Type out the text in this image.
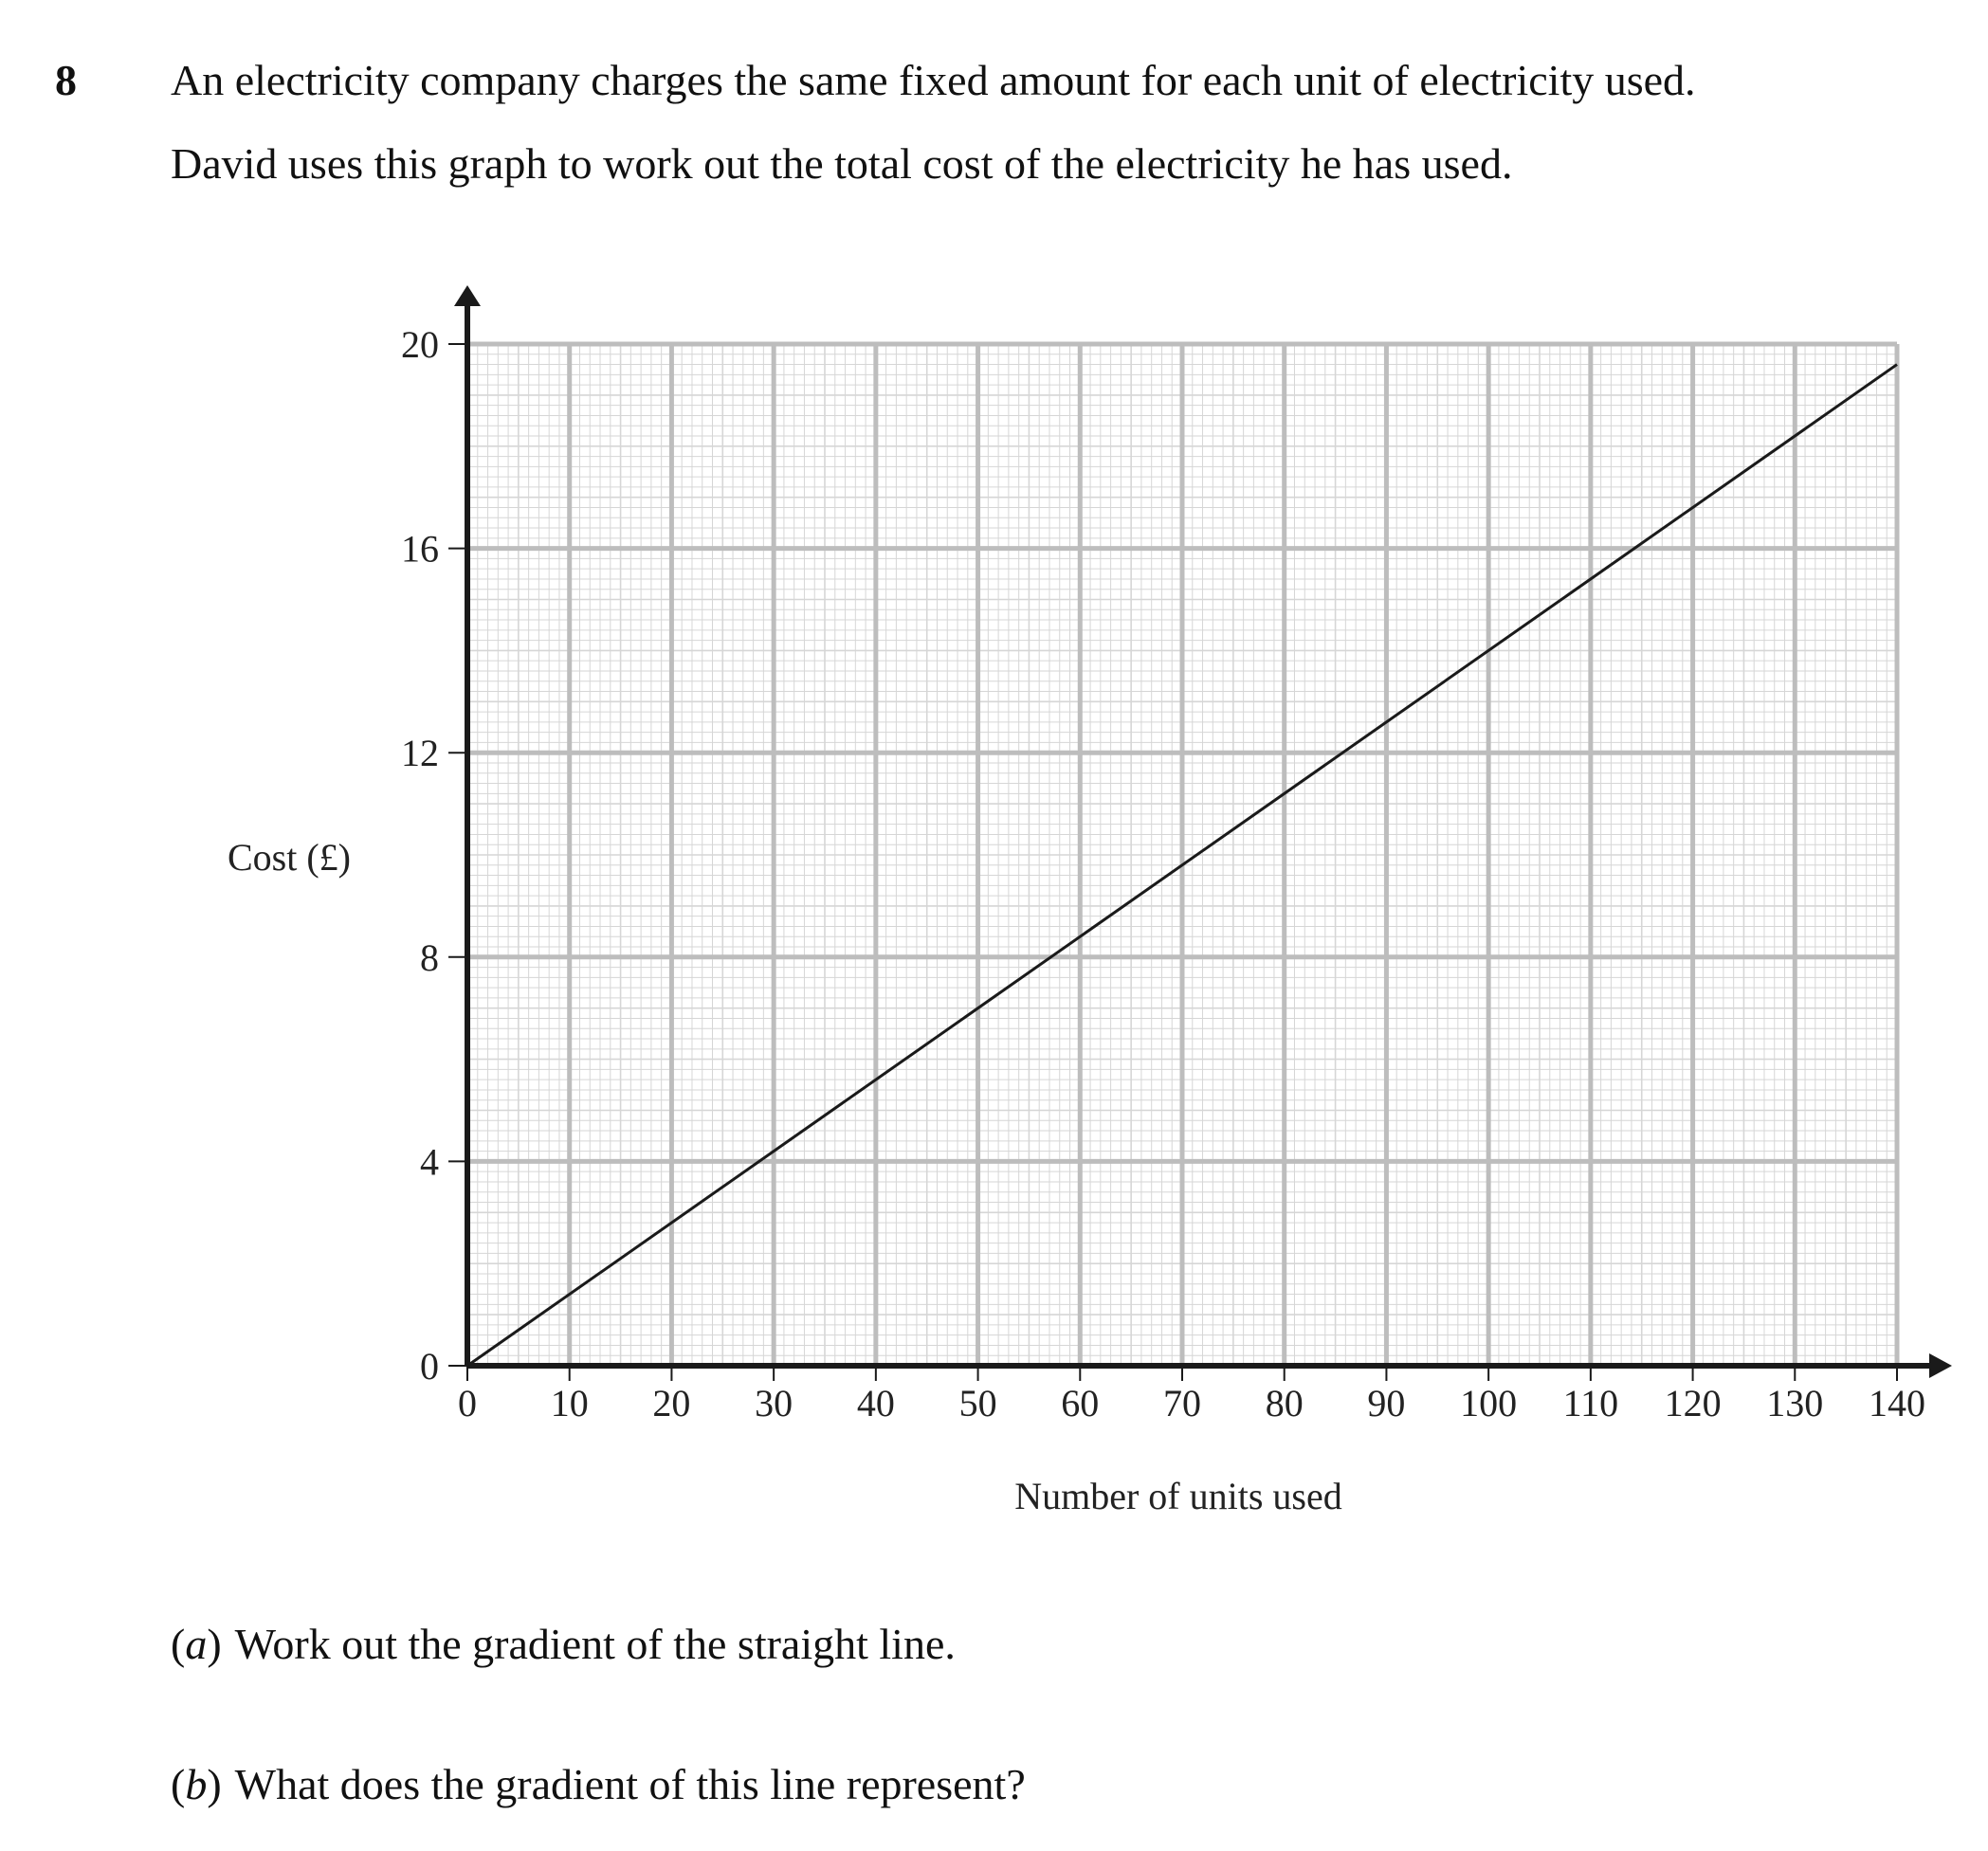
8 An electricity company charges the same fixed amount for each unit of electricity used.
David uses this graph to work out the total cost of the electricity he has used.
0 10 20 30 40 50 60 70 80 90 100 110 120 130 140
0
4
8
12
16
20
Cost (£)
Number of units used
(a) Work out the gradient of the straight line.
(b) What does the gradient of this line represent?
